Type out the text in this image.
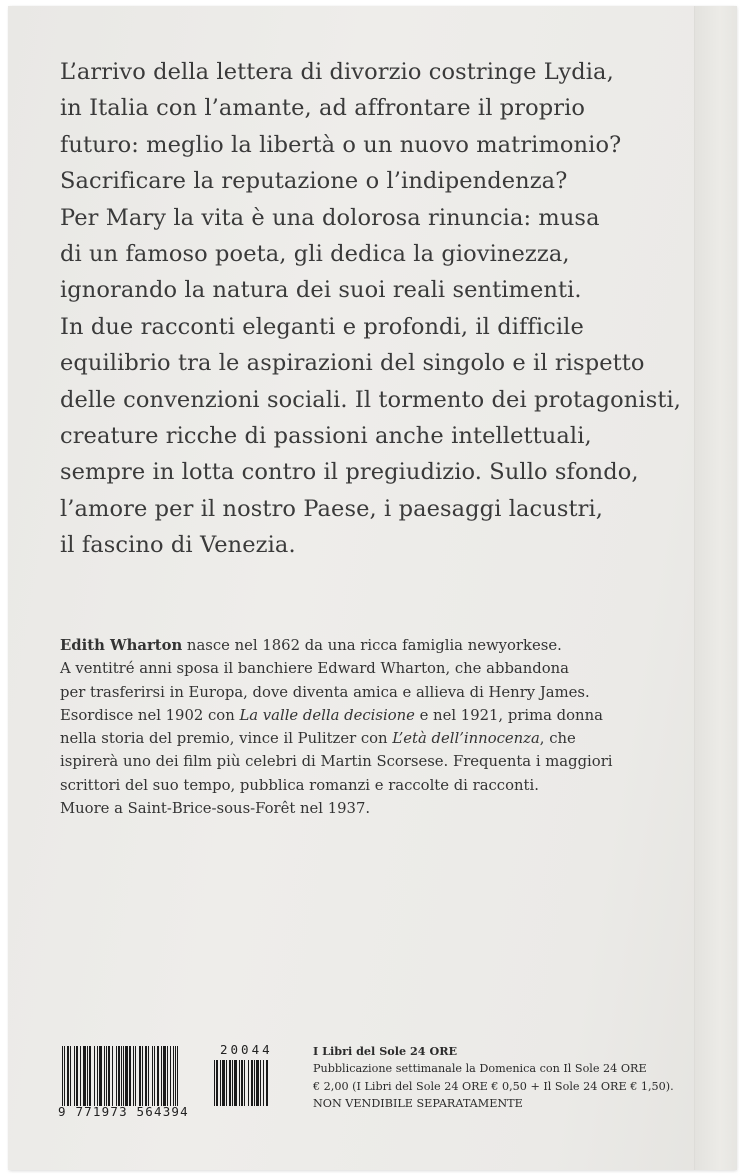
L’arrivo della lettera di divorzio costringe Lydia,
in Italia con l’amante, ad affrontare il proprio
futuro: meglio la libertà o un nuovo matrimonio?
Sacrificare la reputazione o l’indipendenza?
Per Mary la vita è una dolorosa rinuncia: musa
di un famoso poeta, gli dedica la giovinezza,
ignorando la natura dei suoi reali sentimenti.
In due racconti eleganti e profondi, il difficile
equilibrio tra le aspirazioni del singolo e il rispetto
delle convenzioni sociali. Il tormento dei protagonisti,
creature ricche di passioni anche intellettuali,
sempre in lotta contro il pregiudizio. Sullo sfondo,
l’amore per il nostro Paese, i paesaggi lacustri,
il fascino di Venezia.
Edith Wharton nasce nel 1862 da una ricca famiglia newyorkese.
A ventitré anni sposa il banchiere Edward Wharton, che abbandona
per trasferirsi in Europa, dove diventa amica e allieva di Henry James.
Esordisce nel 1902 con La valle della decisione e nel 1921, prima donna
nella storia del premio, vince il Pulitzer con L’età dell’innocenza, che
ispirerà uno dei film più celebri di Martin Scorsese. Frequenta i maggiori
scrittori del suo tempo, pubblica romanzi e raccolte di racconti.
Muore a Saint-Brice-sous-Forêt nel 1937.
20044
9 771973 564394
I Libri del Sole 24 ORE
Pubblicazione settimanale la Domenica con Il Sole 24 ORE
€ 2,00 (I Libri del Sole 24 ORE € 0,50 + Il Sole 24 ORE € 1,50).
NON VENDIBILE SEPARATAMENTE
